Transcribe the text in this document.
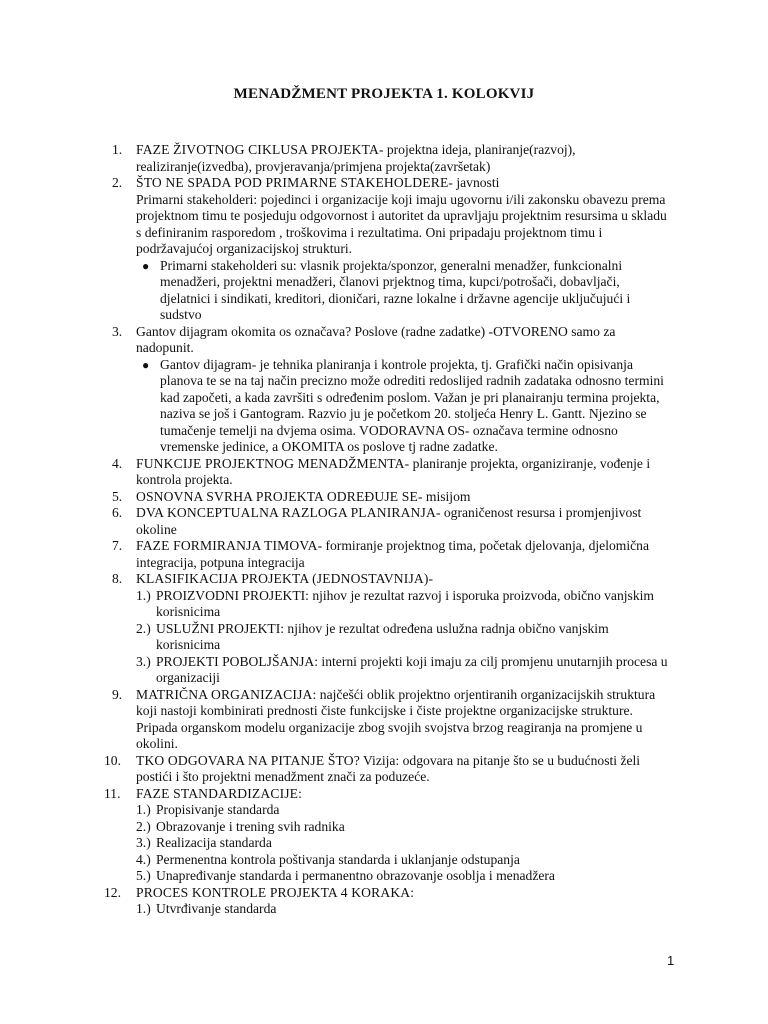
MENADŽMENT PROJEKTA 1. KOLOKVIJ
1. FAZE ŽIVOTNOG CIKLUSA PROJEKTA- projektna ideja, planiranje(razvoj), realiziranje(izvedba), provjeravanja/primjena projekta(završetak)
2. ŠTO NE SPADA POD PRIMARNE STAKEHOLDERE- javnosti
Primarni stakeholderi: pojedinci i organizacije koji imaju ugovornu i/ili zakonsku obavezu prema projektnom timu te posjeduju odgovornost i autoritet da upravljaju projektnim resursima u skladu s definiranim rasporedom , troškovima i rezultatima. Oni pripadaju projektnom timu i podržavajućoj organizacijskoj strukturi.
● Primarni stakeholderi su: vlasnik projekta/sponzor, generalni menadžer, funkcionalni menadžeri, projektni menadžeri, članovi prjektnog tima, kupci/potrošači, dobavljači, djelatnici i sindikati, kreditori, dioničari, razne lokalne i državne agencije uključujući i sudstvo
3. Gantov dijagram okomita os označava? Poslove (radne zadatke) -OTVORENO samo za nadopunit.
● Gantov dijagram- je tehnika planiranja i kontrole projekta, tj. Grafički način opisivanja planova te se na taj način precizno može odrediti redoslijed radnih zadataka odnosno termini kad započeti, a kada završiti s određenim poslom. Važan je pri planairanju termina projekta, naziva se još i Gantogram. Razvio ju je početkom 20. stoljeća Henry L. Gantt. Njezino se tumačenje temelji na dvjema osima. VODORAVNA OS- označava termine odnosno vremenske jedinice, a OKOMITA os poslove tj radne zadatke.
4. FUNKCIJE PROJEKTNOG MENADŽMENTA- planiranje projekta, organiziranje, vođenje i kontrola projekta.
5. OSNOVNA SVRHA PROJEKTA ODREĐUJE SE- misijom
6. DVA KONCEPTUALNA RAZLOGA PLANIRANJA- ograničenost resursa i promjenjivost okoline
7. FAZE FORMIRANJA TIMOVA- formiranje projektnog tima, početak djelovanja, djelomična integracija, potpuna integracija
8. KLASIFIKACIJA PROJEKTA (JEDNOSTAVNIJA)-
1.) PROIZVODNI PROJEKTI: njihov je rezultat razvoj i isporuka proizvoda, obično vanjskim korisnicima
2.) USLUŽNI PROJEKTI: njihov je rezultat određena uslužna radnja obično vanjskim korisnicima
3.) PROJEKTI POBOLJŠANJA: interni projekti koji imaju za cilj promjenu unutarnjih procesa u organizaciji
9. MATRIČNA ORGANIZACIJA: najčešći oblik projektno orjentiranih organizacijskih struktura koji nastoji kombinirati prednosti čiste funkcijske i čiste projektne organizacijske strukture. Pripada organskom modelu organizacije zbog svojih svojstva brzog reagiranja na promjene u okolini.
10. TKO ODGOVARA NA PITANJE ŠTO? Vizija: odgovara na pitanje što se u budućnosti želi postići i što projektni menadžment znači za poduzeće.
11. FAZE STANDARDIZACIJE:
1.) Propisivanje standarda
2.) Obrazovanje i trening svih radnika
3.) Realizacija standarda
4.) Permenentna kontrola poštivanja standarda i uklanjanje odstupanja
5.) Unapređivanje standarda i permanentno obrazovanje osoblja i menadžera
12. PROCES KONTROLE PROJEKTA 4 KORAKA:
1.) Utvrđivanje standarda
1
